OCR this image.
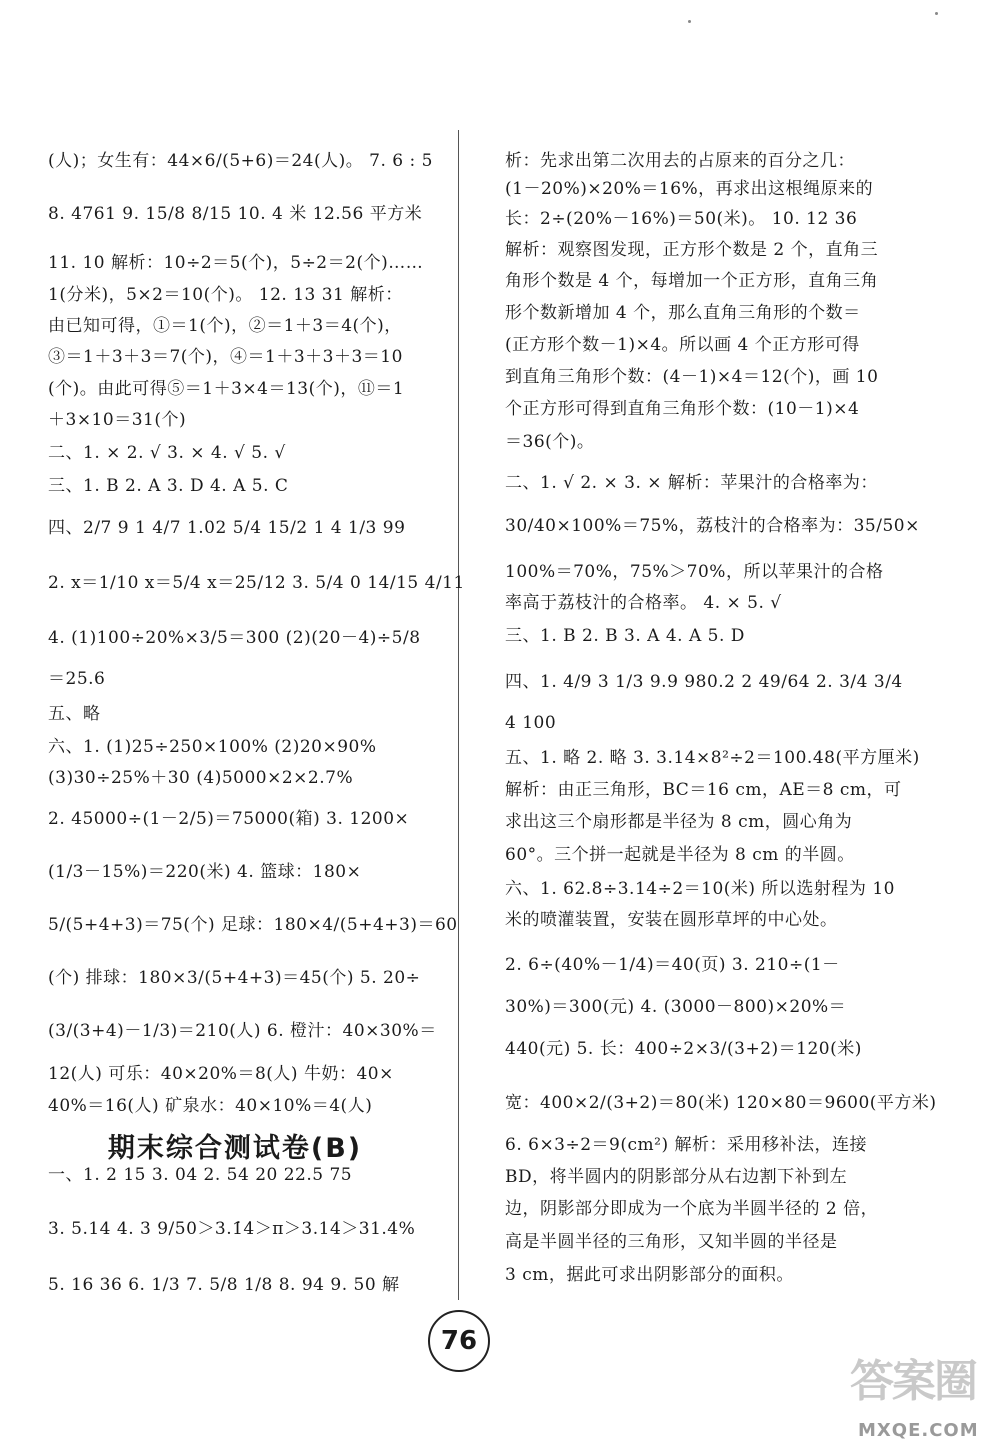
(人)；女生有：44×6/(5+6)＝24(人)。 7. 6 : 5
8. 4761 9. 15/8 8/15 10. 4 米 12.56 平方米
11. 10 解析：10÷2＝5(个)，5÷2＝2(个)……
1(分米)，5×2＝10(个)。 12. 13 31 解析：
由已知可得，①＝1(个)，②＝1＋3＝4(个)，
③＝1＋3＋3＝7(个)，④＝1＋3＋3＋3＝10
(个)。由此可得⑤＝1＋3×4＝13(个)，⑪＝1
＋3×10＝31(个)
二、1. × 2. √ 3. × 4. √ 5. √
三、1. B 2. A 3. D 4. A 5. C
四、2/7 9 1 4/7 1.02 5/4 15/2 1 4 1/3 99
2. x＝1/10 x＝5/4 x＝25/12 3. 5/4 0 14/15 4/11
4. (1)100÷20%×3/5＝300 (2)(20－4)÷5/8
＝25.6
五、略
六、1. (1)25÷250×100% (2)20×90%
(3)30÷25%＋30 (4)5000×2×2.7%
2. 45000÷(1－2/5)＝75000(箱) 3. 1200×
(1/3－15%)＝220(米) 4. 篮球：180×
5/(5+4+3)＝75(个) 足球：180×4/(5+4+3)＝60
(个) 排球：180×3/(5+4+3)＝45(个) 5. 20÷
(3/(3+4)－1/3)＝210(人) 6. 橙汁：40×30%＝
12(人) 可乐：40×20%＝8(人) 牛奶：40×
40%＝16(人) 矿泉水：40×10%＝4(人)
期末综合测试卷(B)
一、1. 2 15 3. 04 2. 54 20 22.5 75
3. 5.14 4. 3 9/50＞3.1̇4̇＞π＞3.14＞31.4%
5. 16 36 6. 1/3 7. 5/8 1/8 8. 94 9. 50 解
析：先求出第二次用去的占原来的百分之几：
(1－20%)×20%＝16%，再求出这根绳原来的
长：2÷(20%－16%)＝50(米)。 10. 12 36
解析：观察图发现，正方形个数是 2 个，直角三
角形个数是 4 个，每增加一个正方形，直角三角
形个数新增加 4 个，那么直角三角形的个数＝
(正方形个数－1)×4。所以画 4 个正方形可得
到直角三角形个数：(4－1)×4＝12(个)，画 10
个正方形可得到直角三角形个数：(10－1)×4
＝36(个)。
二、1. √ 2. × 3. × 解析：苹果汁的合格率为：
30/40×100%＝75%，荔枝汁的合格率为：35/50×
100%＝70%，75%＞70%，所以苹果汁的合格
率高于荔枝汁的合格率。 4. × 5. √
三、1. B 2. B 3. A 4. A 5. D
四、1. 4/9 3 1/3 9.9 980.2 2 49/64 2. 3/4 3/4
4 100
五、1. 略 2. 略 3. 3.14×8²÷2＝100.48(平方厘米)
解析：由正三角形，BC＝16 cm，AE＝8 cm，可
求出这三个扇形都是半径为 8 cm，圆心角为
60°。三个拼一起就是半径为 8 cm 的半圆。
六、1. 62.8÷3.14÷2＝10(米) 所以选射程为 10
米的喷灌装置，安装在圆形草坪的中心处。
2. 6÷(40%－1/4)＝40(页) 3. 210÷(1－
30%)＝300(元) 4. (3000－800)×20%＝
440(元) 5. 长：400÷2×3/(3+2)＝120(米)
宽：400×2/(3+2)＝80(米) 120×80＝9600(平方米)
6. 6×3÷2＝9(cm²) 解析：采用移补法，连接
BD，将半圆内的阴影部分从右边割下补到左
边，阴影部分即成为一个底为半圆半径的 2 倍，
高是半圆半径的三角形，又知半圆的半径是
3 cm，据此可求出阴影部分的面积。
76
答案圈
MXQE.COM
